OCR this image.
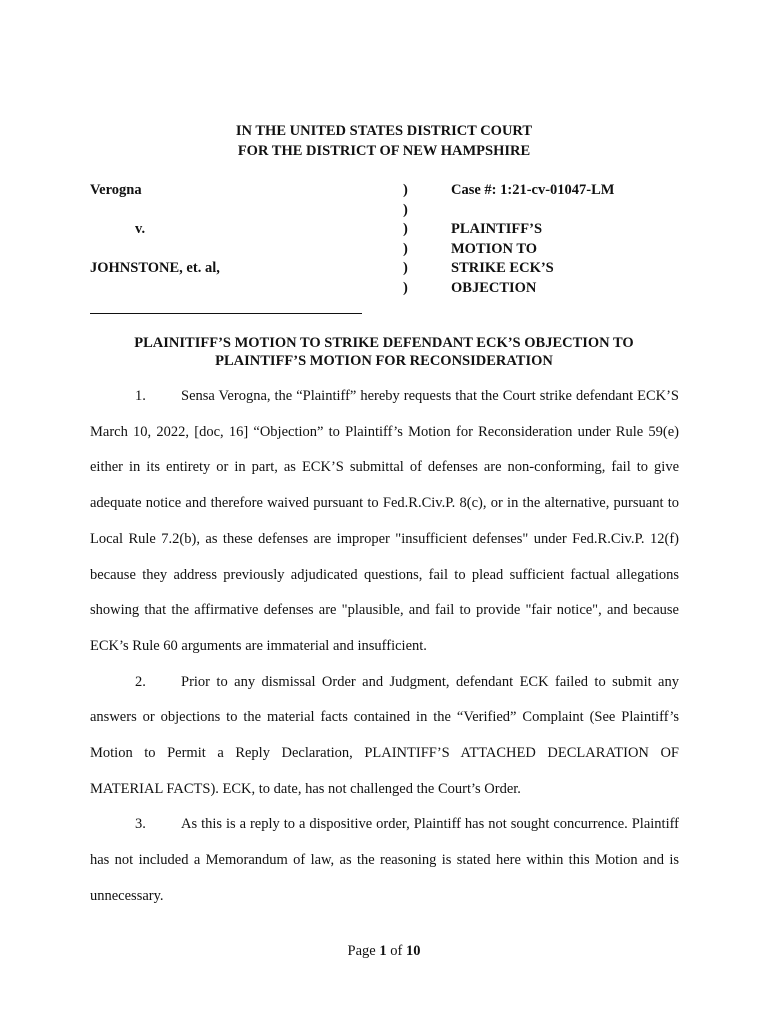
IN THE UNITED STATES DISTRICT COURT
FOR THE DISTRICT OF NEW HAMPSHIRE
Verogna

v.

JOHNSTONE, et. al,

)
)
)
)
)
)
Case #: 1:21-cv-01047-LM

PLAINTIFF’S
MOTION TO
STRIKE ECK’S
OBJECTION
PLAINITIFF’S MOTION TO STRIKE DEFENDANT ECK’S OBJECTION TO
PLAINTIFF’S MOTION FOR RECONSIDERATION

1. Sensa Verogna, the “Plaintiff” hereby requests that the Court strike defendant ECK’S March 10, 2022, [doc, 16] “Objection” to Plaintiff’s Motion for Reconsideration under Rule 59(e) either in its entirety or in part, as ECK’S submittal of defenses are non-conforming, fail to give adequate notice and therefore waived pursuant to Fed.R.Civ.P. 8(c), or in the alternative, pursuant to Local Rule 7.2(b), as these defenses are improper "insufficient defenses" under Fed.R.Civ.P. 12(f) because they address previously adjudicated questions, fail to plead sufficient factual allegations showing that the affirmative defenses are "plausible, and fail to provide "fair notice", and because ECK’s Rule 60 arguments are immaterial and insufficient.

2. Prior to any dismissal Order and Judgment, defendant ECK failed to submit any answers or objections to the material facts contained in the “Verified” Complaint (See Plaintiff’s Motion to Permit a Reply Declaration, PLAINTIFF’S ATTACHED DECLARATION OF MATERIAL FACTS). ECK, to date, has not challenged the Court’s Order.

3. As this is a reply to a dispositive order, Plaintiff has not sought concurrence. Plaintiff has not included a Memorandum of law, as the reasoning is stated here within this Motion and is unnecessary.

Page 1 of 10
